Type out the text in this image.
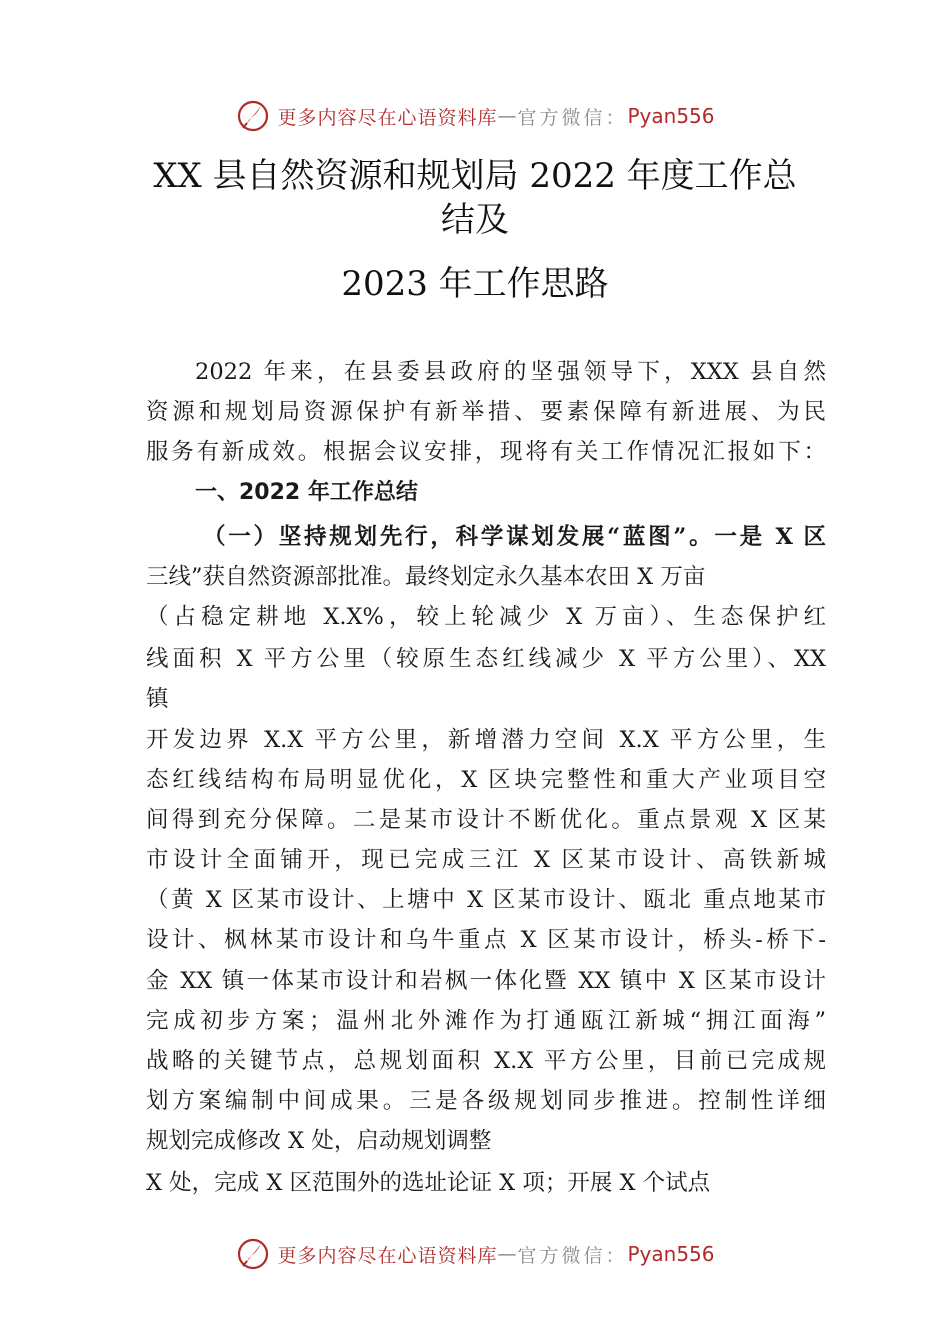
更多内容尽在心语资料库 — 官方微信： Pyan556
XX 县自然资源和规划局 2022 年度工作总
结及
2023 年工作思路
2022 年来，在县委县政府的坚强领导下，XXX 县自然
资源和规划局资源保护有新举措、要素保障有新进展、为民
服务有新成效。根据会议安排，现将有关工作情况汇报如下：
一、2022 年工作总结
（一）坚持规划先行，科学谋划发展“蓝图”。一是 X 区
三线”获自然资源部批准。最终划定永久基本农田 X 万亩
（占稳定耕地 X.X%，较上轮减少 X 万亩）、生态保护红
线面积 X 平方公里（较原生态红线减少 X 平方公里）、XX
镇
开发边界 X.X 平方公里，新增潜力空间 X.X 平方公里，生
态红线结构布局明显优化，X 区块完整性和重大产业项目空
间得到充分保障。二是某市设计不断优化。重点景观 X 区某
市设计全面铺开，现已完成三江 X 区某市设计、高铁新城
（黄 X 区某市设计、上塘中 X 区某市设计、瓯北 重点地某市
设计、枫林某市设计和乌牛重点 X 区某市设计，桥头-桥下-
金 XX 镇一体某市设计和岩枫一体化暨 XX 镇中 X 区某市设计
完成初步方案；温州北外滩作为打通瓯江新城“拥江面海”
战略的关键节点，总规划面积 X.X 平方公里，目前已完成规
划方案编制中间成果。三是各级规划同步推进。控制性详细
规划完成修改 X 处，启动规划调整
X 处，完成 X 区范围外的选址论证 X 项；开展 X 个试点
更多内容尽在心语资料库 — 官方微信： Pyan556
